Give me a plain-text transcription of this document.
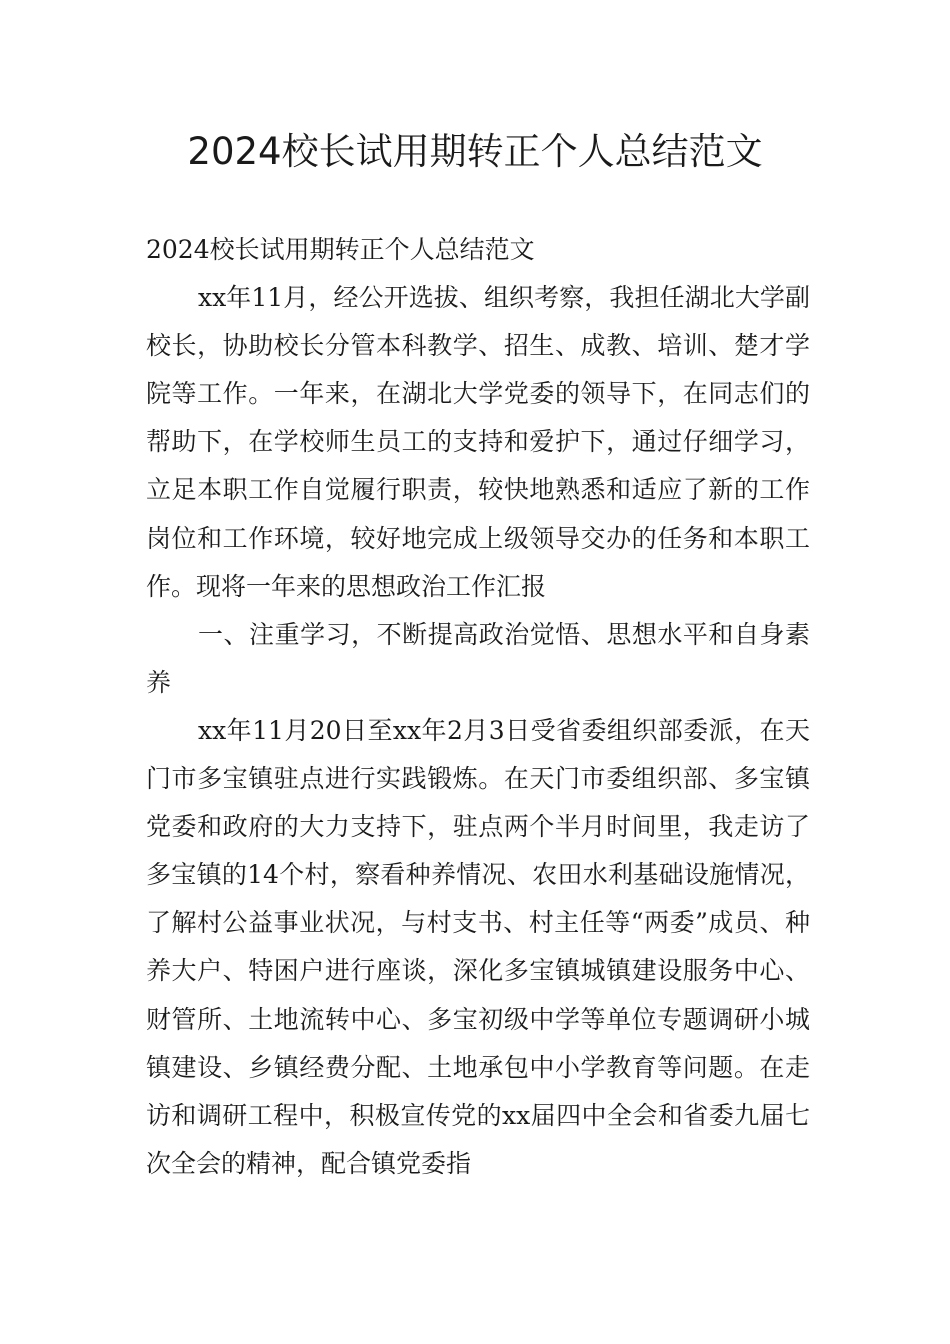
2024校长试用期转正个人总结范文

2024校长试用期转正个人总结范文

xx年11月，经公开选拔、组织考察，我担任湖北大学副校长，协助校长分管本科教学、招生、成教、培训、楚才学院等工作。一年来，在湖北大学党委的领导下，在同志们的帮助下，在学校师生员工的支持和爱护下，通过仔细学习，立足本职工作自觉履行职责，较快地熟悉和适应了新的工作岗位和工作环境，较好地完成上级领导交办的任务和本职工作。现将一年来的思想政治工作汇报

一、注重学习，不断提高政治觉悟、思想水平和自身素养

xx年11月20日至xx年2月3日受省委组织部委派，在天门市多宝镇驻点进行实践锻炼。在天门市委组织部、多宝镇党委和政府的大力支持下，驻点两个半月时间里，我走访了多宝镇的14个村，察看种养情况、农田水利基础设施情况，了解村公益事业状况，与村支书、村主任等“两委”成员、种养大户、特困户进行座谈，深化多宝镇城镇建设服务中心、财管所、土地流转中心、多宝初级中学等单位专题调研小城镇建设、乡镇经费分配、土地承包中小学教育等问题。在走访和调研工程中，积极宣传党的xx届四中全会和省委九届七次全会的精神，配合镇党委指
